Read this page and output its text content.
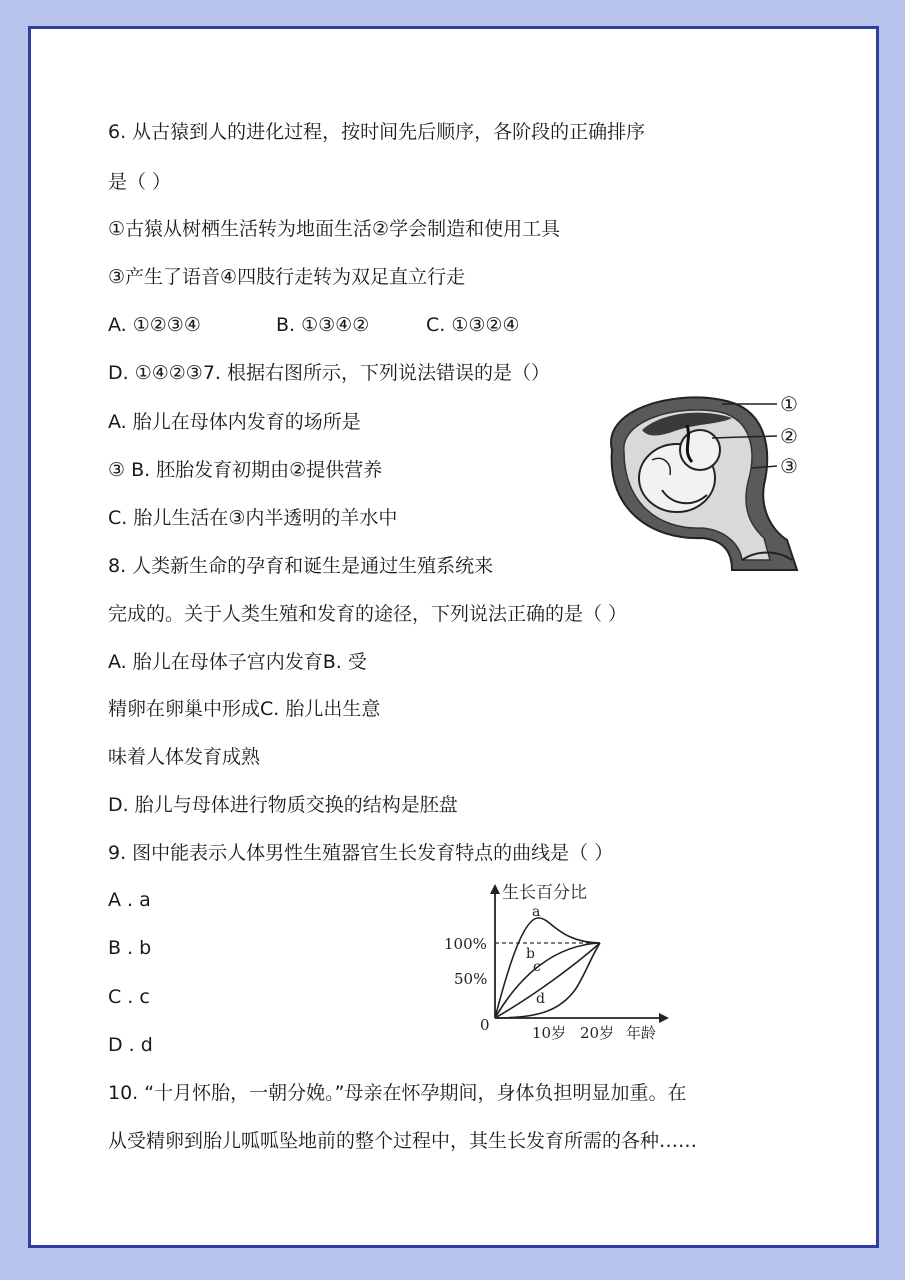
6. 从古猿到人的进化过程，按时间先后顺序，各阶段的正确排序
是（ ）
①古猿从树栖生活转为地面生活②学会制造和使用工具
③产生了语音④四肢行走转为双足直立行走
A. ①②③④	B. ①③④②	C. ①③②④
D. ①④②③7. 根据右图所示，下列说法错误的是（）
A. 胎儿在母体内发育的场所是
③ B. 胚胎发育初期由②提供营养
C. 胎儿生活在③内半透明的羊水中
①
②
③
8. 人类新生命的孕育和诞生是通过生殖系统来
完成的。关于人类生殖和发育的途径，下列说法正确的是（ ）
A. 胎儿在母体子宫内发育B. 受
精卵在卵巢中形成C. 胎儿出生意
味着人体发育成熟
D. 胎儿与母体进行物质交换的结构是胚盘
9. 图中能表示人体男性生殖器官生长发育特点的曲线是（ ）
A . a
B . b
C . c
D . d
生长百分比
100%
50%
0	10岁 20岁 年龄
a
b
c
d
10. “十月怀胎，一朝分娩。”母亲在怀孕期间，身体负担明显加重。在
从受精卵到胎儿呱呱坠地前的整个过程中，其生长发育所需的各种……
